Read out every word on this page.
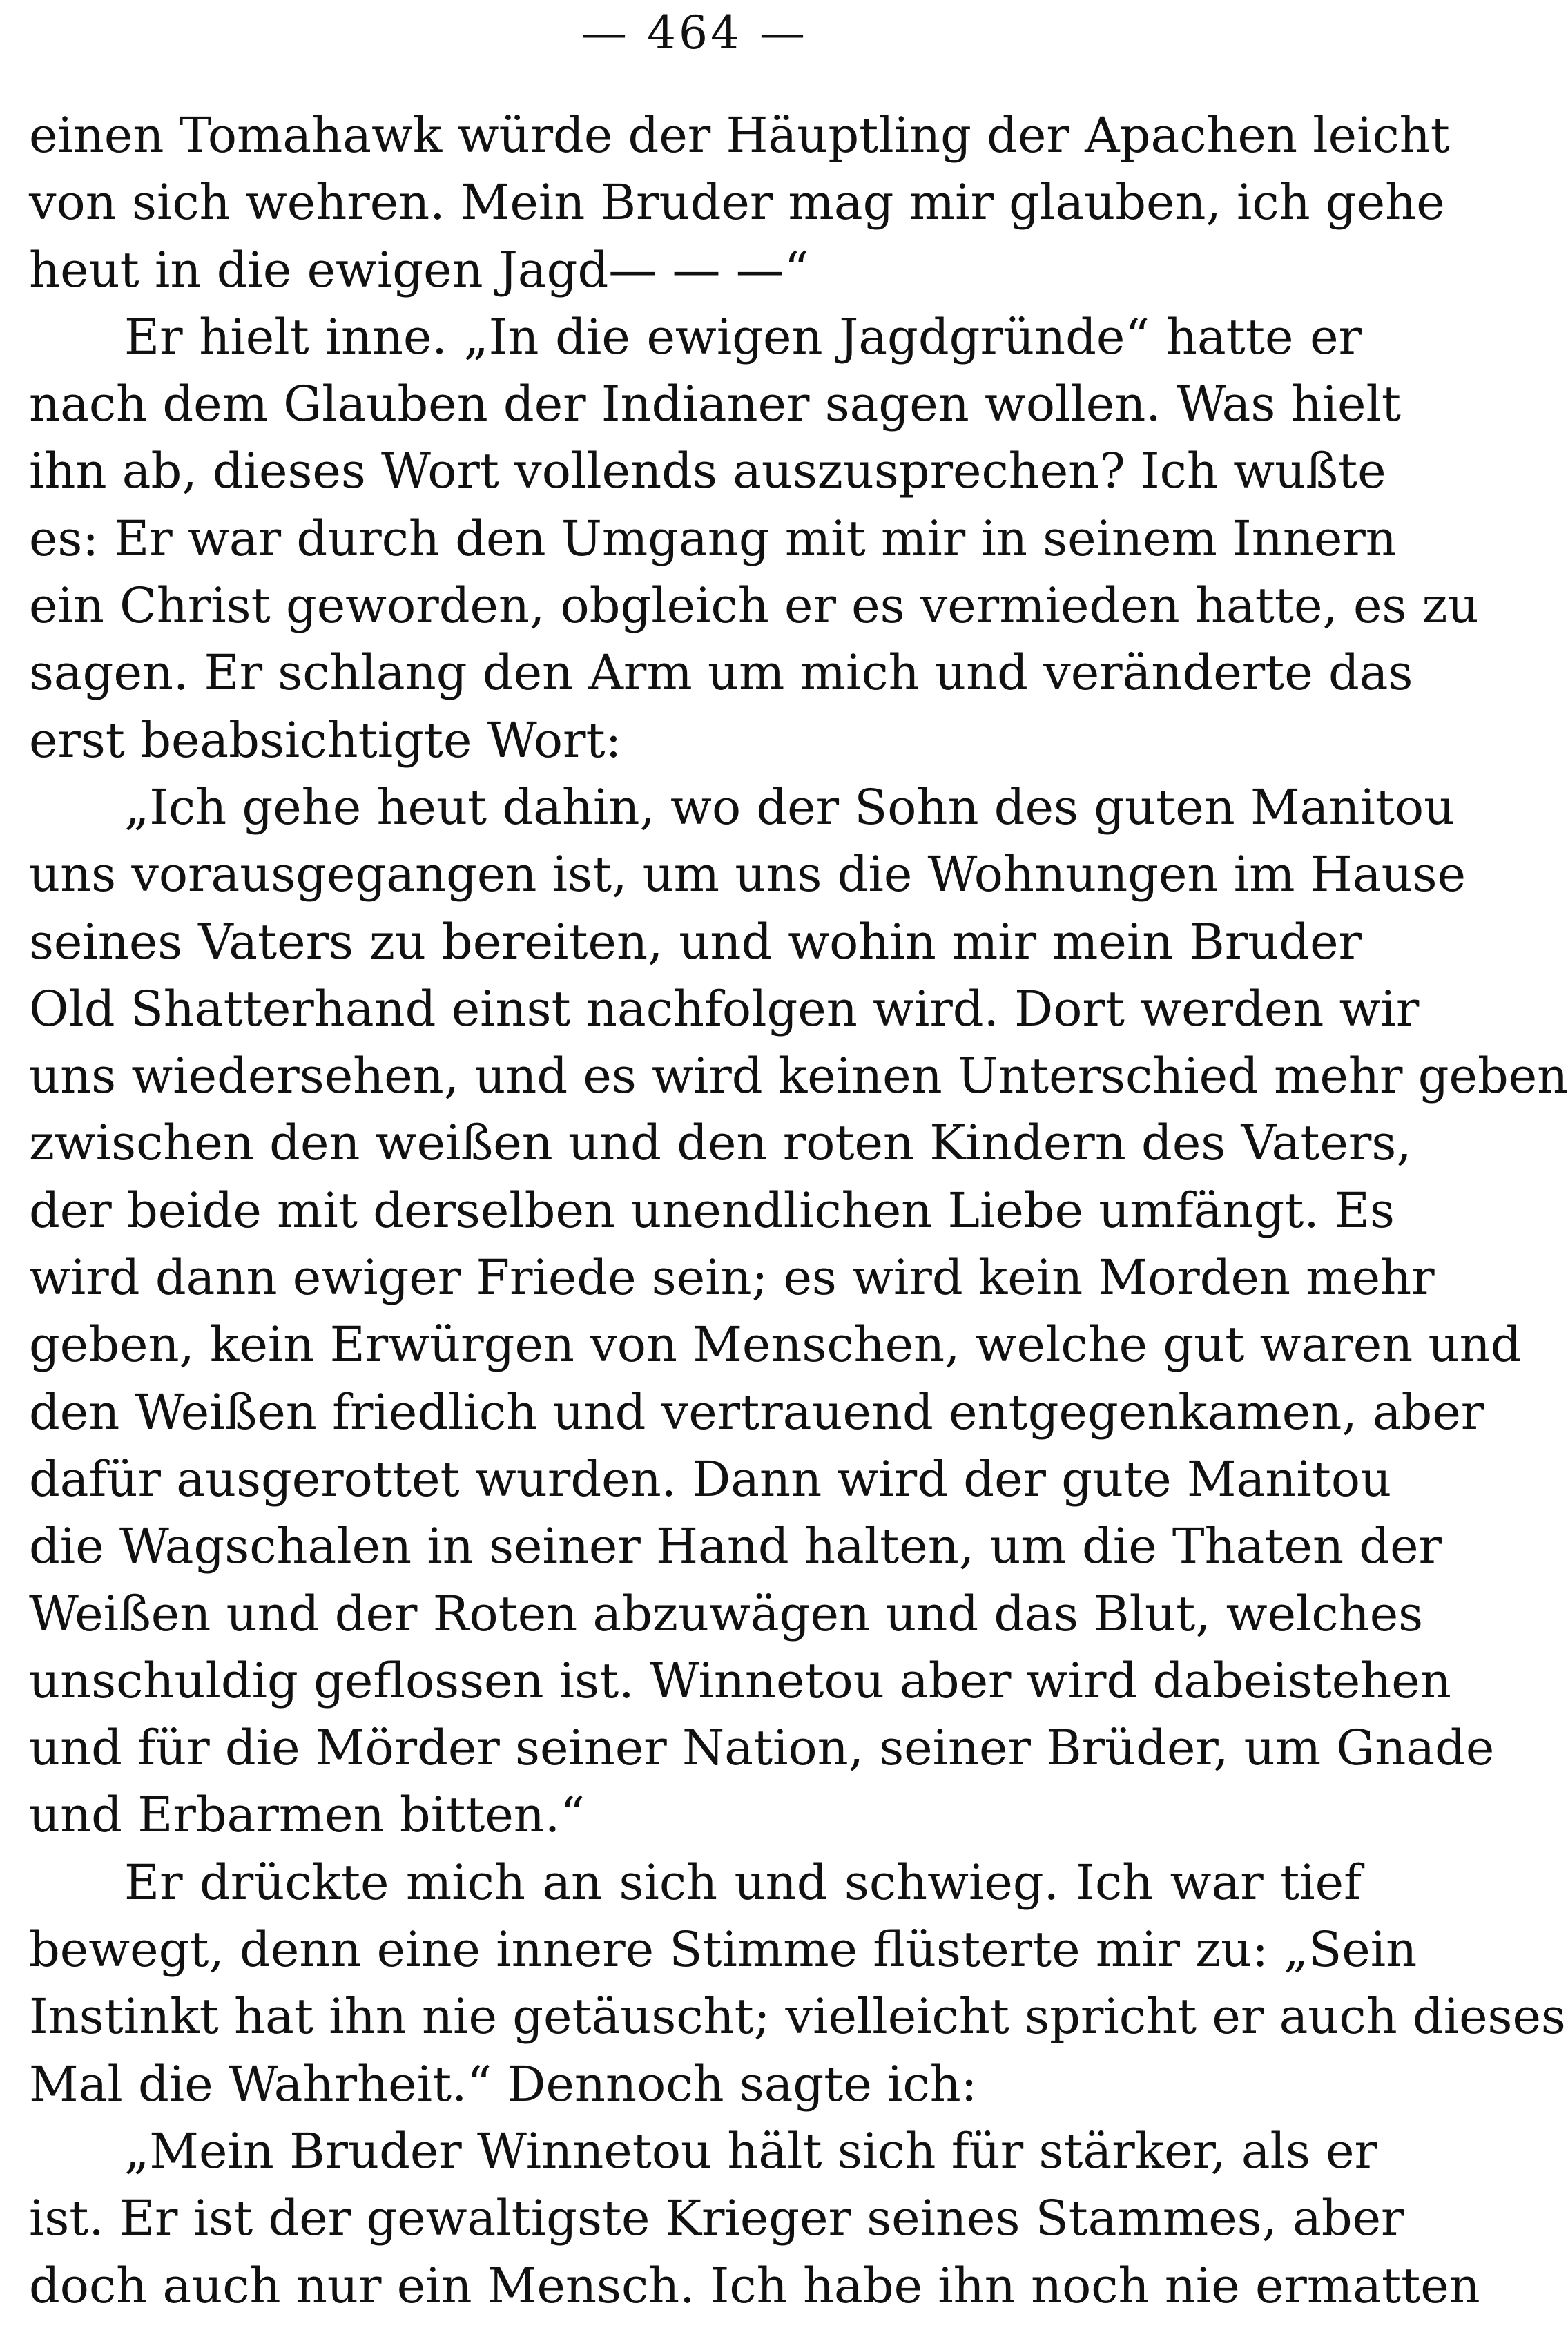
— 464 —
einen Tomahawk würde der Häuptling der Apachen leicht
von sich wehren. Mein Bruder mag mir glauben, ich gehe
heut in die ewigen Jagd— — —“
Er hielt inne. „In die ewigen Jagdgründe“ hatte er
nach dem Glauben der Indianer sagen wollen. Was hielt
ihn ab, dieses Wort vollends auszusprechen? Ich wußte
es: Er war durch den Umgang mit mir in seinem Innern
ein Christ geworden, obgleich er es vermieden hatte, es zu
sagen. Er schlang den Arm um mich und veränderte das
erst beabsichtigte Wort:
„Ich gehe heut dahin, wo der Sohn des guten Manitou
uns vorausgegangen ist, um uns die Wohnungen im Hause
seines Vaters zu bereiten, und wohin mir mein Bruder
Old Shatterhand einst nachfolgen wird. Dort werden wir
uns wiedersehen, und es wird keinen Unterschied mehr geben
zwischen den weißen und den roten Kindern des Vaters,
der beide mit derselben unendlichen Liebe umfängt. Es
wird dann ewiger Friede sein; es wird kein Morden mehr
geben, kein Erwürgen von Menschen, welche gut waren und
den Weißen friedlich und vertrauend entgegenkamen, aber
dafür ausgerottet wurden. Dann wird der gute Manitou
die Wagschalen in seiner Hand halten, um die Thaten der
Weißen und der Roten abzuwägen und das Blut, welches
unschuldig geflossen ist. Winnetou aber wird dabeistehen
und für die Mörder seiner Nation, seiner Brüder, um Gnade
und Erbarmen bitten.“
Er drückte mich an sich und schwieg. Ich war tief
bewegt, denn eine innere Stimme flüsterte mir zu: „Sein
Instinkt hat ihn nie getäuscht; vielleicht spricht er auch dieses
Mal die Wahrheit.“ Dennoch sagte ich:
„Mein Bruder Winnetou hält sich für stärker, als er
ist. Er ist der gewaltigste Krieger seines Stammes, aber
doch auch nur ein Mensch. Ich habe ihn noch nie ermatten
